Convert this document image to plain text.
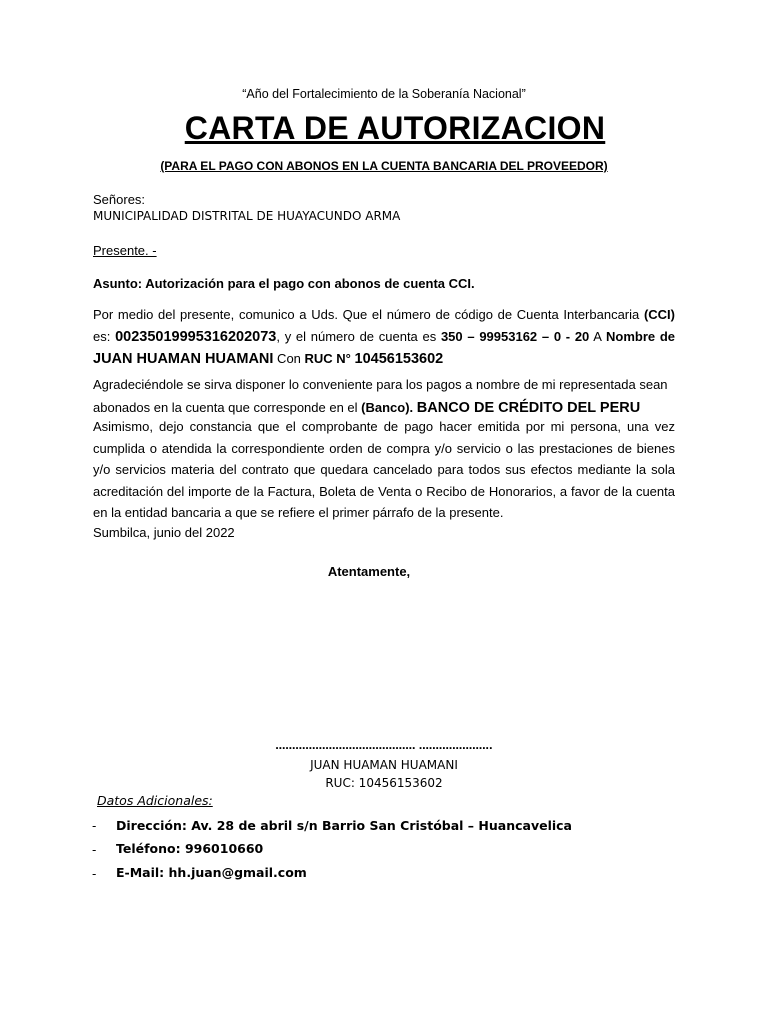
“Año del Fortalecimiento de la Soberanía Nacional”
CARTA DE AUTORIZACION
(PARA EL PAGO CON ABONOS EN LA CUENTA BANCARIA DEL PROVEEDOR)
Señores:
MUNICIPALIDAD DISTRITAL DE HUAYACUNDO ARMA
Presente. -
Asunto: Autorización para el pago con abonos de cuenta CCI.
Por medio del presente, comunico a Uds. Que el número de código de Cuenta Interbancaria (CCI) es: 00235019995316202073, y el número de cuenta es 350 – 99953162 – 0 - 20 A Nombre de JUAN HUAMAN HUAMANI Con RUC N° 10456153602
Agradeciéndole se sirva disponer lo conveniente para los pagos a nombre de mi representada sean abonados en la cuenta que corresponde en el (Banco). BANCO DE CRÉDITO DEL PERU
Asimismo, dejo constancia que el comprobante de pago hacer emitida por mi persona, una vez cumplida o atendida la correspondiente orden de compra y/o servicio o las prestaciones de bienes y/o servicios materia del contrato que quedara cancelado para todos sus efectos mediante la sola acreditación del importe de la Factura, Boleta de Venta o Recibo de Honorarios, a favor de la cuenta en la entidad bancaria a que se refiere el primer párrafo de la presente.
Sumbilca, junio del 2022
Atentamente,
…………………………………… ………………….
JUAN HUAMAN HUAMANI
RUC: 10456153602
Datos Adicionales:
- Dirección: Av. 28 de abril s/n Barrio San Cristóbal – Huancavelica
- Teléfono: 996010660
- E-Mail: hh.juan@gmail.com
